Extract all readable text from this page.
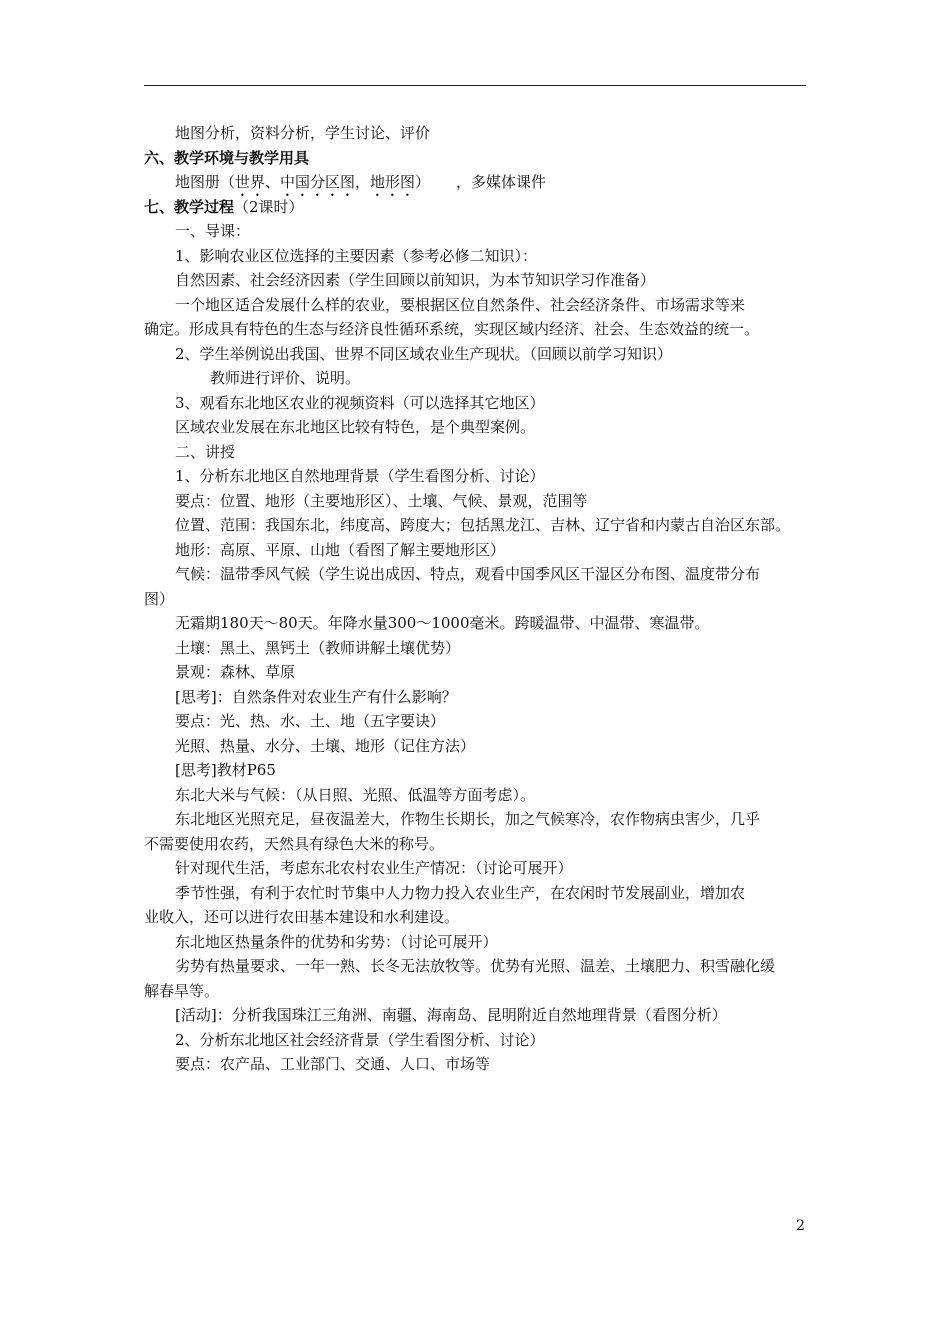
地图分析，资料分析，学生讨论、评价
六、教学环境与教学用具
地图册（世界、中国分区图，地形图） ，多媒体课件
七、教学过程（2课时）
一、导课：
1、影响农业区位选择的主要因素（参考必修二知识）：
自然因素、社会经济因素（学生回顾以前知识，为本节知识学习作准备）
一个地区适合发展什么样的农业，要根据区位自然条件、社会经济条件、市场需求等来
确定。形成具有特色的生态与经济良性循环系统，实现区域内经济、社会、生态效益的统一。
2、学生举例说出我国、世界不同区域农业生产现状。（回顾以前学习知识）
教师进行评价、说明。
3、观看东北地区农业的视频资料（可以选择其它地区）
区域农业发展在东北地区比较有特色，是个典型案例。
二、讲授
1、分析东北地区自然地理背景（学生看图分析、讨论）
要点：位置、地形（主要地形区）、土壤、气候、景观，范围等
位置、范围：我国东北，纬度高、跨度大；包括黑龙江、吉林、辽宁省和内蒙古自治区东部。
地形：高原、平原、山地（看图了解主要地形区）
气候：温带季风气候（学生说出成因、特点，观看中国季风区干湿区分布图、温度带分布
图）
无霜期180天～80天。年降水量300～1000毫米。跨暖温带、中温带、寒温带。
土壤：黑土、黑钙土（教师讲解土壤优势）
景观：森林、草原
[思考]：自然条件对农业生产有什么影响？
要点：光、热、水、土、地（五字要诀）
光照、热量、水分、土壤、地形（记住方法）
[思考]教材P65
东北大米与气候：（从日照、光照、低温等方面考虑）。
东北地区光照充足，昼夜温差大，作物生长期长，加之气候寒冷，农作物病虫害少，几乎
不需要使用农药，天然具有绿色大米的称号。
针对现代生活，考虑东北农村农业生产情况：（讨论可展开）
季节性强，有利于农忙时节集中人力物力投入农业生产，在农闲时节发展副业，增加农
业收入，还可以进行农田基本建设和水利建设。
东北地区热量条件的优势和劣势：（讨论可展开）
劣势有热量要求、一年一熟、长冬无法放牧等。优势有光照、温差、土壤肥力、积雪融化缓
解春旱等。
[活动]：分析我国珠江三角洲、南疆、海南岛、昆明附近自然地理背景（看图分析）
2、分析东北地区社会经济背景（学生看图分析、讨论）
要点：农产品、工业部门、交通、人口、市场等
2
